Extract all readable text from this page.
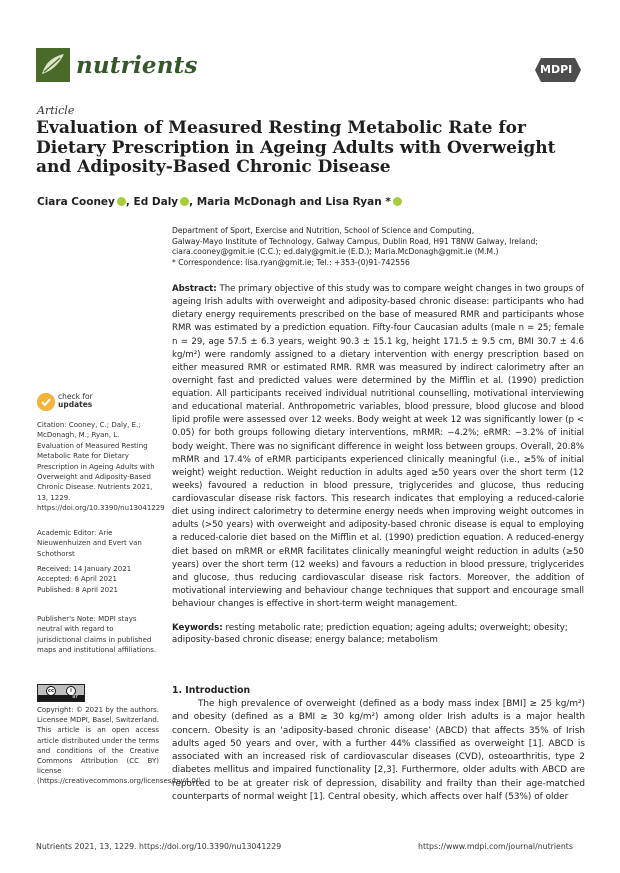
nutrients	MDPI
Article
Evaluation of Measured Resting Metabolic Rate for Dietary Prescription in Ageing Adults with Overweight and Adiposity-Based Chronic Disease
Ciara Cooney , Ed Daly , Maria McDonagh and Lisa Ryan *
Department of Sport, Exercise and Nutrition, School of Science and Computing,
Galway-Mayo Institute of Technology, Galway Campus, Dublin Road, H91 T8NW Galway, Ireland;
ciara.cooney@gmit.ie (C.C.); ed.daly@gmit.ie (E.D.); Maria.McDonagh@gmit.ie (M.M.)
* Correspondence: lisa.ryan@gmit.ie; Tel.: +353-(0)91-742556
Abstract: The primary objective of this study was to compare weight changes in two groups of ageing Irish adults with overweight and adiposity-based chronic disease: participants who had dietary energy requirements prescribed on the base of measured RMR and participants whose RMR was estimated by a prediction equation. Fifty-four Caucasian adults (male n = 25; female n = 29, age 57.5 ± 6.3 years, weight 90.3 ± 15.1 kg, height 171.5 ± 9.5 cm, BMI 30.7 ± 4.6 kg/m²) were randomly assigned to a dietary intervention with energy prescription based on either measured RMR or estimated RMR. RMR was measured by indirect calorimetry after an overnight fast and predicted values were determined by the Mifflin et al. (1990) prediction equation. All participants received individual nutritional counselling, motivational interviewing and educational material. Anthropometric variables, blood pressure, blood glucose and blood lipid profile were assessed over 12 weeks. Body weight at week 12 was significantly lower (p < 0.05) for both groups following dietary interventions, mRMR: −4.2%; eRMR: −3.2% of initial body weight. There was no significant difference in weight loss between groups. Overall, 20.8% mRMR and 17.4% of eRMR participants experienced clinically meaningful (i.e., ≥5% of initial weight) weight reduction. Weight reduction in adults aged ≥50 years over the short term (12 weeks) favoured a reduction in blood pressure, triglycerides and glucose, thus reducing cardiovascular disease risk factors. This research indicates that employing a reduced-calorie diet using indirect calorimetry to determine energy needs when improving weight outcomes in adults (>50 years) with overweight and adiposity-based chronic disease is equal to employing a reduced-calorie diet based on the Mifflin et al. (1990) prediction equation. A reduced-energy diet based on mRMR or eRMR facilitates clinically meaningful weight reduction in adults (≥50 years) over the short term (12 weeks) and favours a reduction in blood pressure, triglycerides and glucose, thus reducing cardiovascular disease risk factors. Moreover, the addition of motivational interviewing and behaviour change techniques that support and encourage small behaviour changes is effective in short-term weight management.
Keywords: resting metabolic rate; prediction equation; ageing adults; overweight; obesity; adiposity-based chronic disease; energy balance; metabolism
check for
updates
Citation: Cooney, C.; Daly, E.; McDonagh, M.; Ryan, L. Evaluation of Measured Resting Metabolic Rate for Dietary Prescription in Ageing Adults with Overweight and Adiposity-Based Chronic Disease. Nutrients 2021, 13, 1229. https://doi.org/10.3390/nu13041229
Academic Editor: Arie Nieuwenhuizen and Evert van Schothorst
Received: 14 January 2021
Accepted: 6 April 2021
Published: 8 April 2021
Publisher's Note: MDPI stays neutral with regard to jurisdictional claims in published maps and institutional affiliations.
cc	i
BY
Copyright: © 2021 by the authors. Licensee MDPI, Basel, Switzerland. This article is an open access article distributed under the terms and conditions of the Creative Commons Attribution (CC BY) license (https://creativecommons.org/licenses/by/4.0/).
1. Introduction
The high prevalence of overweight (defined as a body mass index [BMI] ≥ 25 kg/m²) and obesity (defined as a BMI ≥ 30 kg/m²) among older Irish adults is a major health concern. Obesity is an ‘adiposity-based chronic disease’ (ABCD) that affects 35% of Irish adults aged 50 years and over, with a further 44% classified as overweight [1]. ABCD is associated with an increased risk of cardiovascular diseases (CVD), osteoarthritis, type 2 diabetes mellitus and impaired functionality [2,3]. Furthermore, older adults with ABCD are reported to be at greater risk of depression, disability and frailty than their age-matched counterparts of normal weight [1]. Central obesity, which affects over half (53%) of older
Nutrients 2021, 13, 1229. https://doi.org/10.3390/nu13041229	https://www.mdpi.com/journal/nutrients
